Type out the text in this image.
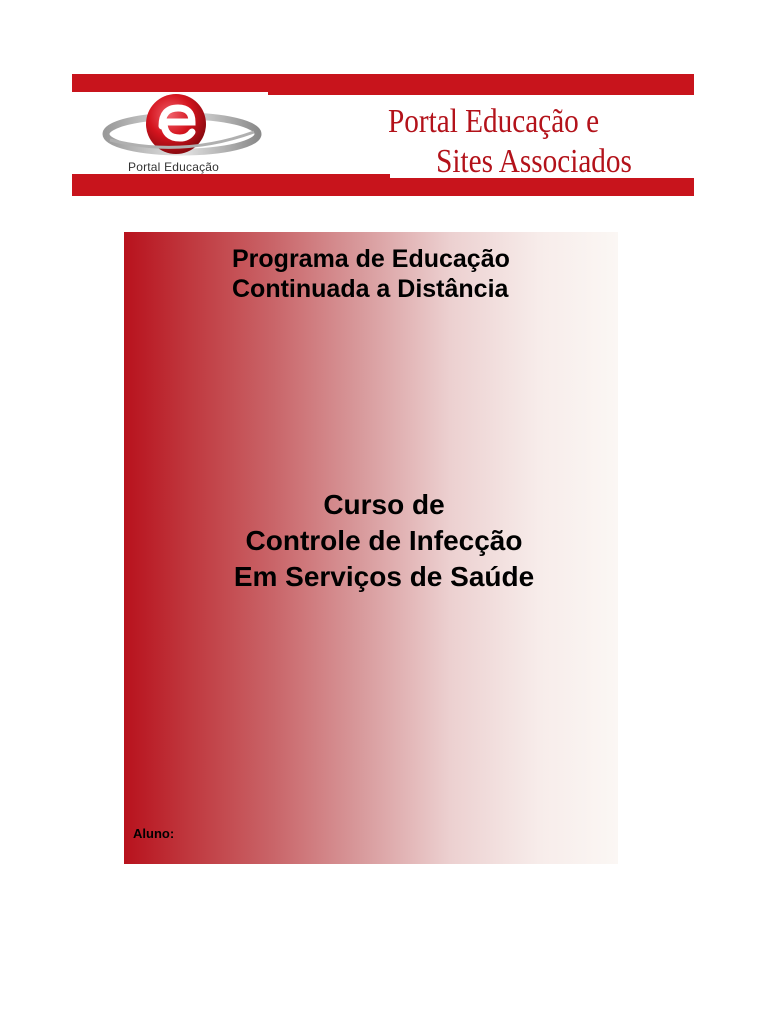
Portal Educação
Portal Educação e
Sites Associados
Programa de Educação
Continuada a Distância
Curso de
Controle de Infecção
Em Serviços de Saúde
Aluno:
